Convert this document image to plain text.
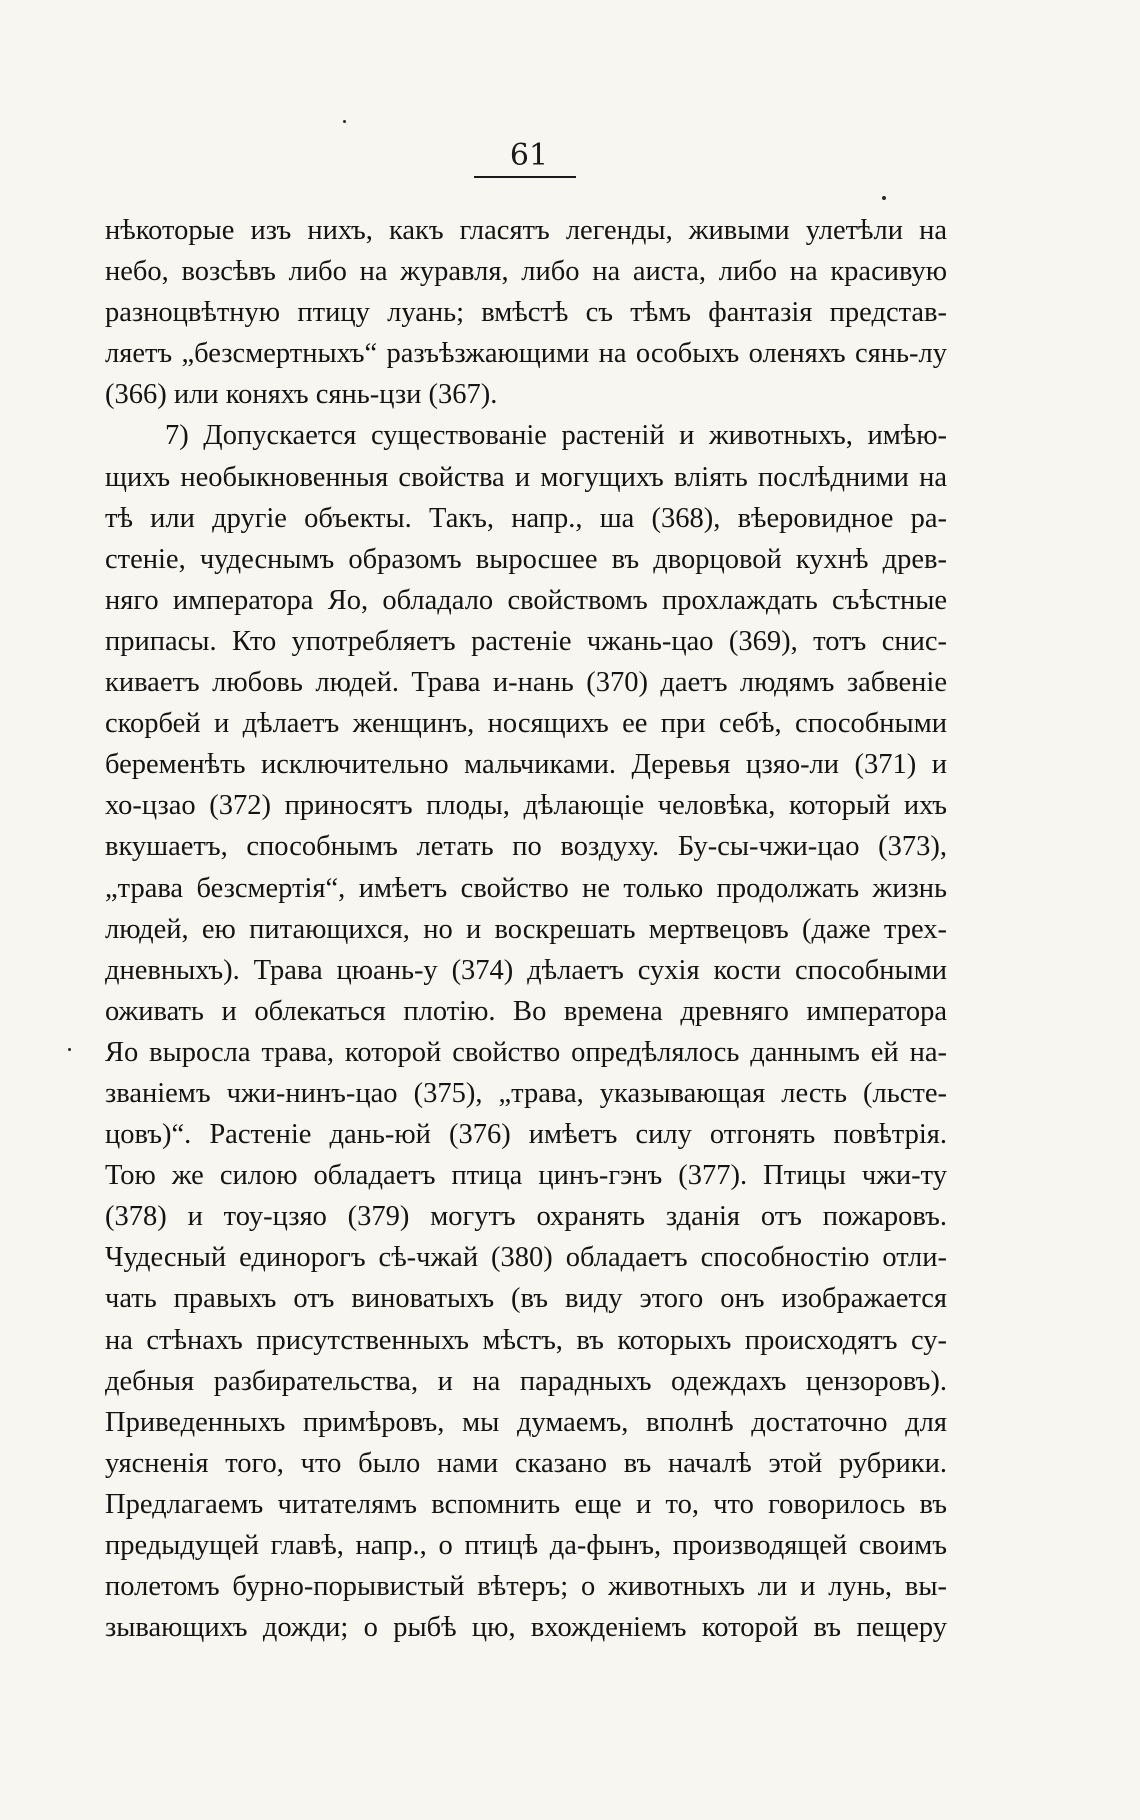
61
нѣкоторые изъ нихъ, какъ гласятъ легенды, живыми улетѣли на
небо, возсѣвъ либо на журавля, либо на аиста, либо на красивую
разноцвѣтную птицу луань; вмѣстѣ съ тѣмъ фантазія представ-
ляетъ „безсмертныхъ“ разъѣзжающими на особыхъ оленяхъ сянь-лу
(366) или коняхъ сянь-цзи (367).
7) Допускается существованіе растеній и животныхъ, имѣю-
щихъ необыкновенныя свойства и могущихъ вліять послѣдними на
тѣ или другіе объекты. Такъ, напр., ша (368), вѣеровидное ра-
стеніе, чудеснымъ образомъ выросшее въ дворцовой кухнѣ древ-
няго императора Яо, обладало свойствомъ прохлаждать съѣстные
припасы. Кто употребляетъ растеніе чжань-цао (369), тотъ снис-
киваетъ любовь людей. Трава и-нань (370) даетъ людямъ забвеніе
скорбей и дѣлаетъ женщинъ, носящихъ ее при себѣ, способными
беременѣть исключительно мальчиками. Деревья цзяо-ли (371) и
хо-цзао (372) приносятъ плоды, дѣлающіе человѣка, который ихъ
вкушаетъ, способнымъ летать по воздуху. Бу-сы-чжи-цао (373),
„трава безсмертія“, имѣетъ свойство не только продолжать жизнь
людей, ею питающихся, но и воскрешать мертвецовъ (даже трех-
дневныхъ). Трава цюань-у (374) дѣлаетъ сухія кости способными
оживать и облекаться плотію. Во времена древняго императора
Яо выросла трава, которой свойство опредѣлялось даннымъ ей на-
званіемъ чжи-нинъ-цао (375), „трава, указывающая лесть (льсте-
цовъ)“. Растеніе дань-юй (376) имѣетъ силу отгонять повѣтрія.
Тою же силою обладаетъ птица цинъ-гэнъ (377). Птицы чжи-ту
(378) и тоу-цзяо (379) могутъ охранять зданія отъ пожаровъ.
Чудесный единорогъ сѣ-чжай (380) обладаетъ способностію отли-
чать правыхъ отъ виноватыхъ (въ виду этого онъ изображается
на стѣнахъ присутственныхъ мѣстъ, въ которыхъ происходятъ су-
дебныя разбирательства, и на парадныхъ одеждахъ цензоровъ).
Приведенныхъ примѣровъ, мы думаемъ, вполнѣ достаточно для
уясненія того, что было нами сказано въ началѣ этой рубрики.
Предлагаемъ читателямъ вспомнить еще и то, что говорилось въ
предыдущей главѣ, напр., о птицѣ да-фынъ, производящей своимъ
полетомъ бурно-порывистый вѣтеръ; о животныхъ ли и лунь, вы-
зывающихъ дожди; о рыбѣ цю, вхожденіемъ которой въ пещеру
